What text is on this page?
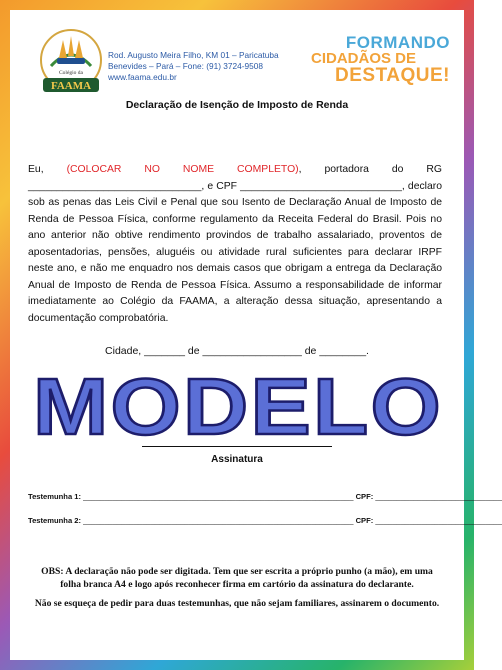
Colégio da
FAAMA
Rod. Augusto Meira Filho, KM 01 – Paricatuba
Benevides – Pará – Fone: (91) 3724-9508
www.faama.edu.br
FORMANDO
CIDADÃOS DE
DESTAQUE!
Declaração de Isenção de Imposto de Renda
Eu, (COLOCAR NO NOME COMPLETO), portadora do RG ______________________________, e CPF ____________________________, declaro sob as penas das Leis Civil e Penal que sou Isento de Declaração Anual de Imposto de Renda de Pessoa Física, conforme regulamento da Receita Federal do Brasil. Pois no ano anterior não obtive rendimento provindos de trabalho assalariado, proventos de aposentadorias, pensões, aluguéis ou atividade rural suficientes para declarar IRPF neste ano, e não me enquadro nos demais casos que obrigam a entrega da Declaração Anual de Imposto de Renda de Pessoa Física. Assumo a responsabilidade de informar imediatamente ao Colégio da FAAMA, a alteração dessa situação, apresentando a documentação comprobatória.
Cidade, _______ de _________________ de ________.
MODELO
Assinatura
Testemunha 1: ________________________________________________________________ CPF: ______________________________
Testemunha 2: ________________________________________________________________ CPF: ______________________________
OBS: A declaração não pode ser digitada. Tem que ser escrita a próprio punho (a mão), em uma folha branca A4 e logo após reconhecer firma em cartório da assinatura do declarante.
Não se esqueça de pedir para duas testemunhas, que não sejam familiares, assinarem o documento.
